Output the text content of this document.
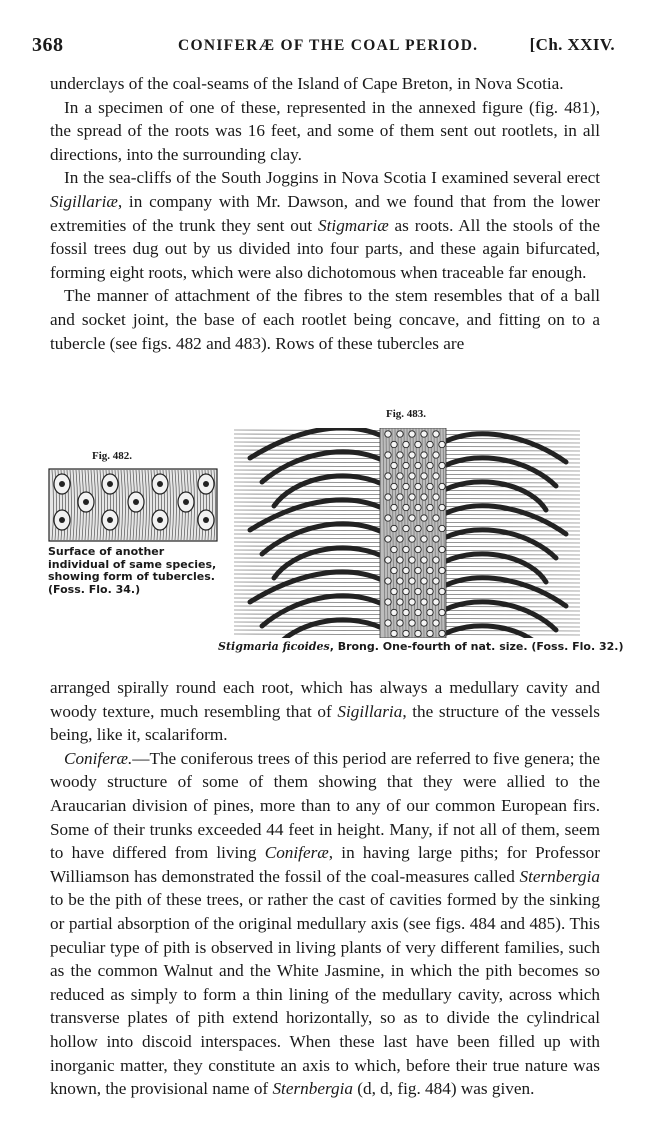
368	CONIFERÆ OF THE COAL PERIOD.	[Ch. XXIV.

underclays of the coal-seams of the Island of Cape Breton, in Nova Scotia.

In a specimen of one of these, represented in the annexed figure (fig. 481), the spread of the roots was 16 feet, and some of them sent out rootlets, in all directions, into the surrounding clay.

In the sea-cliffs of the South Joggins in Nova Scotia I examined several erect Sigillariæ, in company with Mr. Dawson, and we found that from the lower extremities of the trunk they sent out Stigmariæ as roots. All the stools of the fossil trees dug out by us divided into four parts, and these again bifurcated, forming eight roots, which were also dichotomous when traceable far enough.

The manner of attachment of the fibres to the stem resembles that of a ball and socket joint, the base of each rootlet being concave, and fitting on to a tubercle (see figs. 482 and 483). Rows of these tubercles are

Fig. 482.
Surface of another individual of same species, showing form of tubercles. (Foss. Flo. 34.)
Fig. 483.
Stigmaria ficoides, Brong. One-fourth of nat. size. (Foss. Flo. 32.)

arranged spirally round each root, which has always a medullary cavity and woody texture, much resembling that of Sigillaria, the structure of the vessels being, like it, scalariform.

Coniferæ.—The coniferous trees of this period are referred to five genera; the woody structure of some of them showing that they were allied to the Araucarian division of pines, more than to any of our common European firs. Some of their trunks exceeded 44 feet in height. Many, if not all of them, seem to have differed from living Coniferæ, in having large piths; for Professor Williamson has demonstrated the fossil of the coal-measures called Sternbergia to be the pith of these trees, or rather the cast of cavities formed by the sinking or partial absorption of the original medullary axis (see figs. 484 and 485). This peculiar type of pith is observed in living plants of very different families, such as the common Walnut and the White Jasmine, in which the pith becomes so reduced as simply to form a thin lining of the medullary cavity, across which transverse plates of pith extend horizontally, so as to divide the cylindrical hollow into discoid interspaces. When these last have been filled up with inorganic matter, they constitute an axis to which, before their true nature was known, the provisional name of Sternbergia (d, d, fig. 484) was given.
